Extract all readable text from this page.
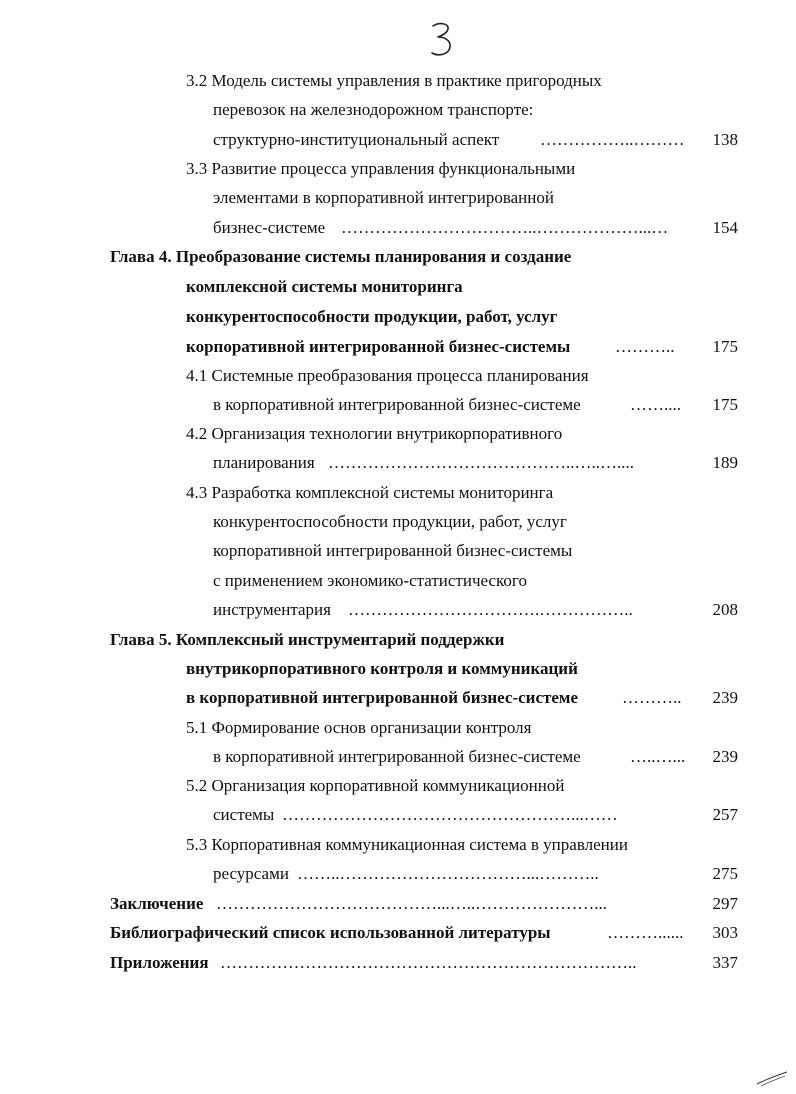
3.2 Модель системы управления в практике пригородных
перевозок на железнодорожном транспорте:
структурно-институциональный аспект ……………..………	138
3.3 Развитие процесса управления функциональными
элементами в корпоративной интегрированной
бизнес-системе ……………………………..………………...…	154
Глава 4. Преобразование системы планирования и создание
комплексной системы мониторинга
конкурентоспособности продукции, работ, услуг
корпоративной интегрированной бизнес-системы	………..	175
4.1 Системные преобразования процесса планирования
в корпоративной интегрированной бизнес-системе	……....	175
4.2 Организация технологии внутрикорпоративного
планирования ……………………………………..…..…....	189
4.3 Разработка комплексной системы мониторинга
конкурентоспособности продукции, работ, услуг
корпоративной интегрированной бизнес-системы
с применением экономико-статистического
инструментария …………………………….……………..	208
Глава 5. Комплексный инструментарий поддержки
внутрикорпоративного контроля и коммуникаций
в корпоративной интегрированной бизнес-системе	………..	239
5.1 Формирование основ организации контроля
в корпоративной интегрированной бизнес-системе	…..…...	239
5.2 Организация корпоративной коммуникационной
системы ……………………………………………...……	257
5.3 Корпоративная коммуникационная система в управлении
ресурсами ……..……………………………...………..	275
Заключение …………………………………...…..…………………...	297
Библиографический список использованной литературы	………......	303
Приложения ………………………………………………………………..	337
